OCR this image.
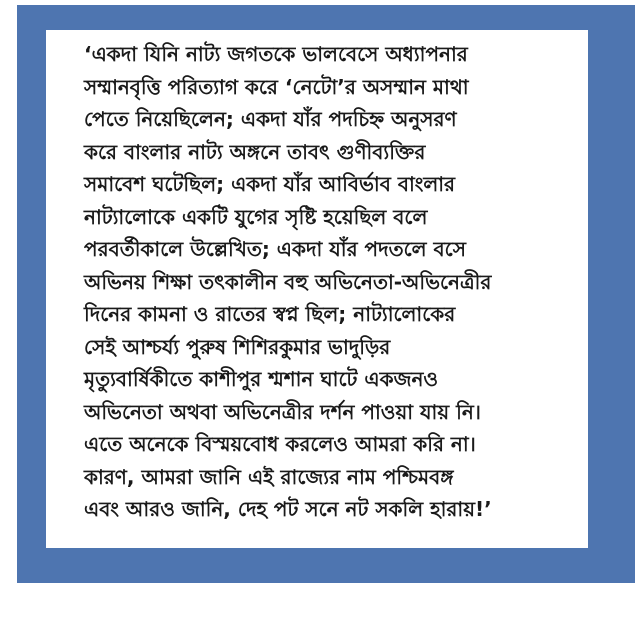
‘একদা যিনি নাট্য জগতকে ভালবেসে অধ্যাপনার
সম্মানবৃত্তি পরিত্যাগ করে ‘নেটো’র অসম্মান মাথা
পেতে নিয়েছিলেন; একদা যাঁর পদচিহ্ন অনুসরণ
করে বাংলার নাট্য অঙ্গনে তাবৎ গুণীব্যক্তির
সমাবেশ ঘটেছিল; একদা যাঁর আবির্ভাব বাংলার
নাট্যালোকে একটি যুগের সৃষ্টি হয়েছিল বলে
পরবর্তীকালে উল্লেখিত; একদা যাঁর পদতলে বসে
অভিনয় শিক্ষা তৎকালীন বহু অভিনেতা-অভিনেত্রীর
দিনের কামনা ও রাতের স্বপ্ন ছিল; নাট্যালোকের
সেই আশ্চর্য্য পুরুষ শিশিরকুমার ভাদুড়ির
মৃত্যুবার্ষিকীতে কাশীপুর শ্মশান ঘাটে একজনও
অভিনেতা অথবা অভিনেত্রীর দর্শন পাওয়া যায় নি।
এতে অনেকে বিস্ময়বোধ করলেও আমরা করি না।
কারণ, আমরা জানি এই রাজ্যের নাম পশ্চিমবঙ্গ
এবং আরও জানি, দেহ পট সনে নট সকলি হারায়!’
